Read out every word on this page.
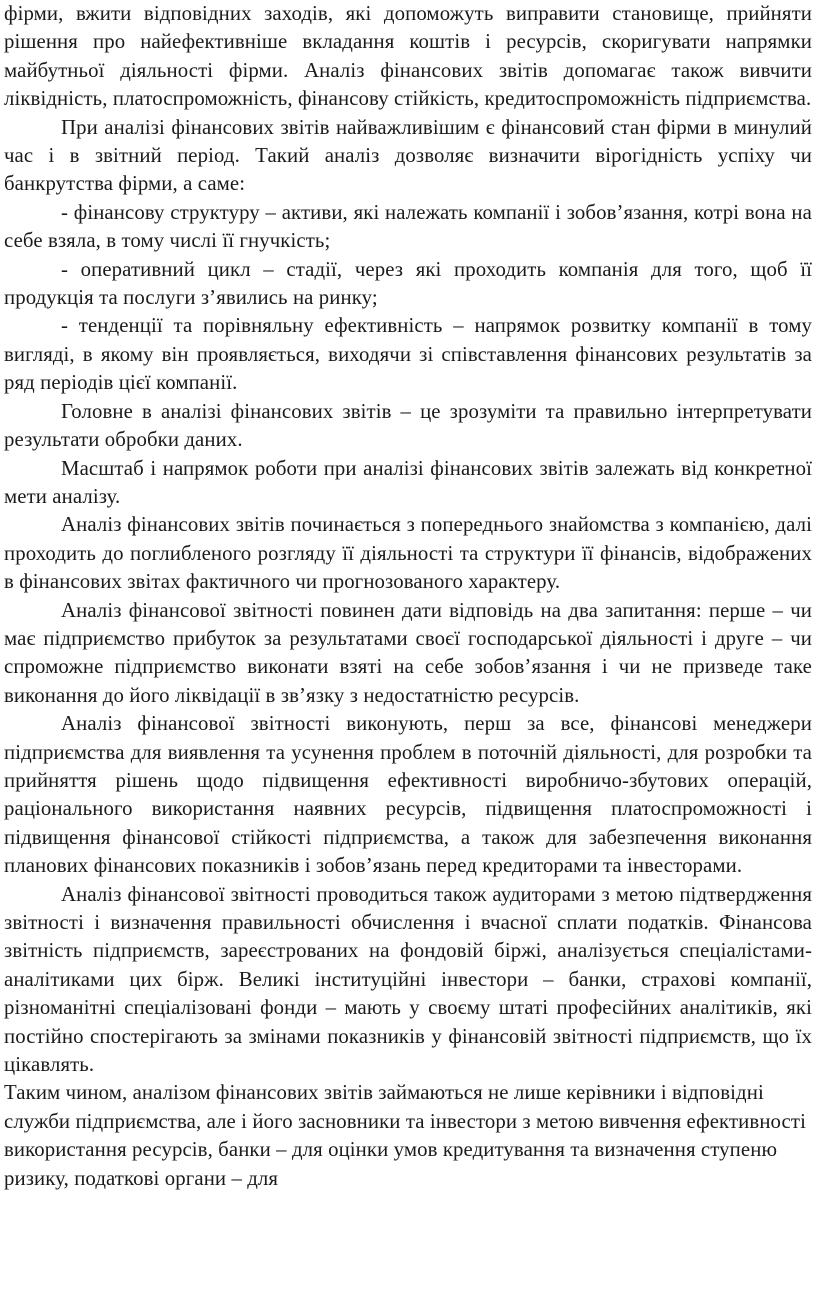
фірми, вжити відповідних заходів, які допоможуть виправити становище, прийняти рішення про найефективніше вкладання коштів і ресурсів, скоригувати напрямки майбутньої діяльності фірми. Аналіз фінансових звітів допомагає також вивчити ліквідність, платоспроможність, фінансову стійкість, кредитоспроможність підприємства.

При аналізі фінансових звітів найважливішим є фінансовий стан фірми в минулий час і в звітний період. Такий аналіз дозволяє визначити вірогідність успіху чи банкрутства фірми, а саме:

- фінансову структуру – активи, які належать компанії і зобов’язання, котрі вона на себе взяла, в тому числі її гнучкість;

- оперативний цикл – стадії, через які проходить компанія для того, щоб її продукція та послуги з’явились на ринку;

- тенденції та порівняльну ефективність – напрямок розвитку компанії в тому вигляді, в якому він проявляється, виходячи зі співставлення фінансових результатів за ряд періодів цієї компанії.

Головне в аналізі фінансових звітів – це зрозуміти та правильно інтерпретувати результати обробки даних.

Масштаб і напрямок роботи при аналізі фінансових звітів залежать від конкретної мети аналізу.

Аналіз фінансових звітів починається з попереднього знайомства з компанією, далі проходить до поглибленого розгляду її діяльності та структури її фінансів, відображених в фінансових звітах фактичного чи прогнозованого характеру.

Аналіз фінансової звітності повинен дати відповідь на два запитання: перше – чи має підприємство прибуток за результатами своєї господарської діяльності і друге – чи спроможне підприємство виконати взяті на себе зобов’язання і чи не призведе таке виконання до його ліквідації в зв’язку з недостатністю ресурсів.

Аналіз фінансової звітності виконують, перш за все, фінансові менеджери підприємства для виявлення та усунення проблем в поточній діяльності, для розробки та прийняття рішень щодо підвищення ефективності виробничо-збутових операцій, раціонального використання наявних ресурсів, підвищення платоспроможності і підвищення фінансової стійкості підприємства, а також для забезпечення виконання планових фінансових показників і зобов’язань перед кредиторами та інвесторами.

Аналіз фінансової звітності проводиться також аудиторами з метою підтвердження звітності і визначення правильності обчислення і вчасної сплати податків. Фінансова звітність підприємств, зареєстрованих на фондовій біржі, аналізується спеціалістами-аналітиками цих бірж. Великі інституційні інвестори – банки, страхові компанії, різноманітні спеціалізовані фонди – мають у своєму штаті професійних аналітиків, які постійно спостерігають за змінами показників у фінансовій звітності підприємств, що їх цікавлять.

Таким чином, аналізом фінансових звітів займаються не лише керівники і відповідні служби підприємства, але і його засновники та інвестори з метою вивчення ефективності використання ресурсів, банки – для оцінки умов кредитування та визначення ступеню ризику, податкові органи – для
